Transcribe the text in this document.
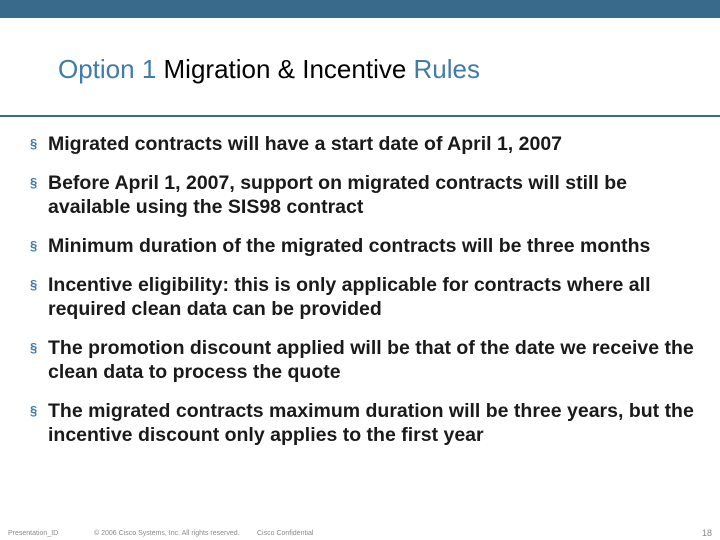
Option 1 Migration & Incentive Rules
§ Migrated contracts will have a start date of April 1, 2007
§ Before April 1, 2007, support on migrated contracts will still be available using the SIS98 contract
§ Minimum duration of the migrated contracts will be three months
§ Incentive eligibility: this is only applicable for contracts where all required clean data can be provided
§ The promotion discount applied will be that of the date we receive the clean data to process the quote
§ The migrated contracts maximum duration will be three years, but the incentive discount only applies to the first year
Presentation_ID	© 2006 Cisco Systems, Inc. All rights reserved. Cisco Confidential	18
